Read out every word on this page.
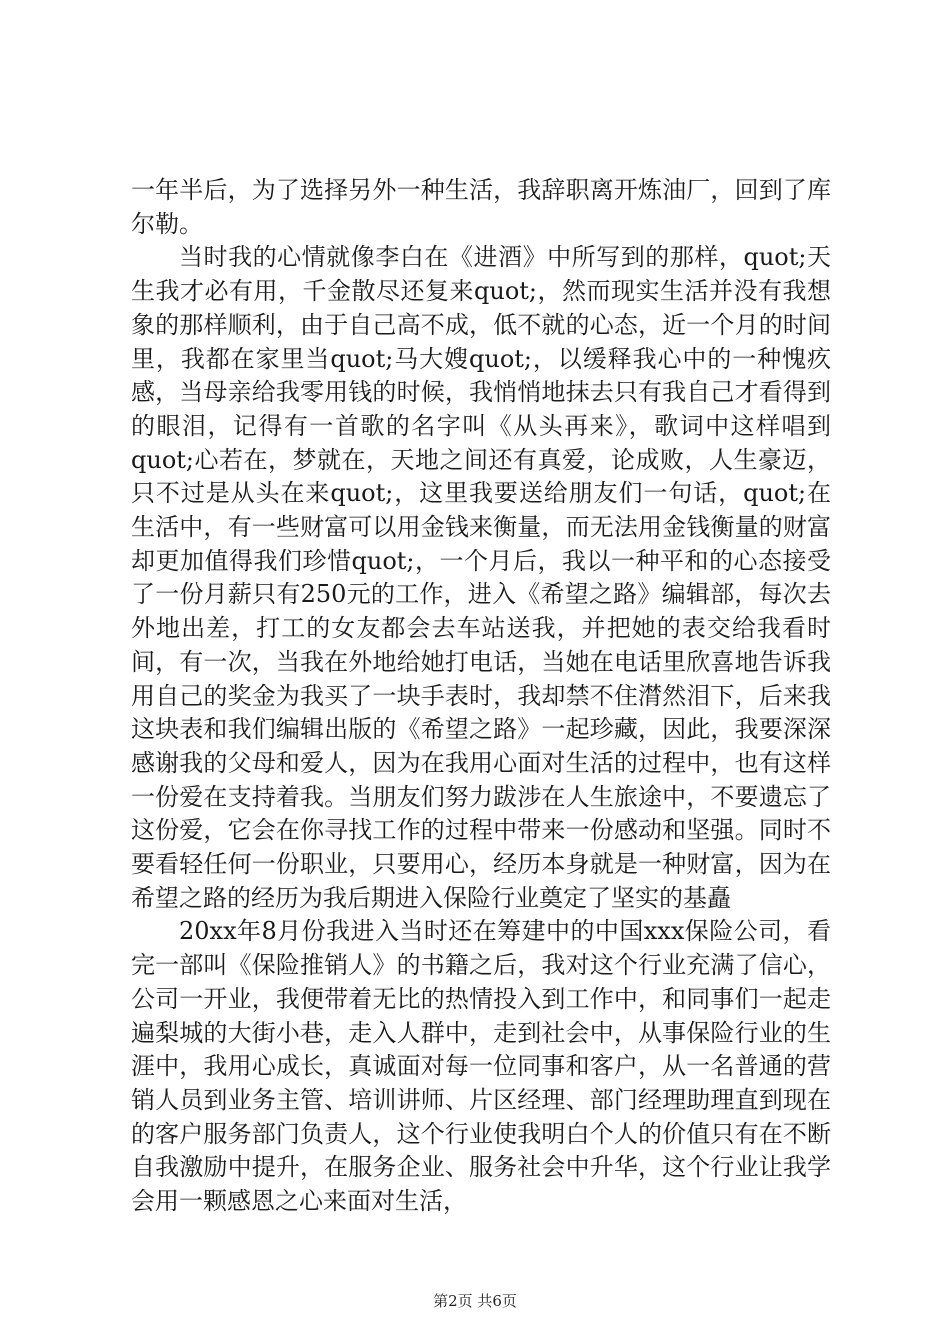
一年半后，为了选择另外一种生活，我辞职离开炼油厂，回到了库尔勒。

当时我的心情就像李白在《进酒》中所写到的那样，quot;天生我才必有用，千金散尽还复来quot;，然而现实生活并没有我想象的那样顺利，由于自己高不成，低不就的心态，近一个月的时间里，我都在家里当quot;马大嫂quot;，以缓释我心中的一种愧疚感，当母亲给我零用钱的时候，我悄悄地抹去只有我自己才看得到的眼泪，记得有一首歌的名字叫《从头再来》，歌词中这样唱到quot;心若在，梦就在，天地之间还有真爱，论成败，人生豪迈，只不过是从头在来quot;，这里我要送给朋友们一句话，quot;在生活中，有一些财富可以用金钱来衡量，而无法用金钱衡量的财富却更加值得我们珍惜quot;，一个月后，我以一种平和的心态接受了一份月薪只有250元的工作，进入《希望之路》编辑部，每次去外地出差，打工的女友都会去车站送我，并把她的表交给我看时间，有一次，当我在外地给她打电话，当她在电话里欣喜地告诉我用自己的奖金为我买了一块手表时，我却禁不住潸然泪下，后来我这块表和我们编辑出版的《希望之路》一起珍藏，因此，我要深深感谢我的父母和爱人，因为在我用心面对生活的过程中，也有这样一份爱在支持着我。当朋友们努力跋涉在人生旅途中，不要遗忘了这份爱，它会在你寻找工作的过程中带来一份感动和坚强。同时不要看轻任何一份职业，只要用心，经历本身就是一种财富，因为在希望之路的经历为我后期进入保险行业奠定了坚实的基矗

20xx年8月份我进入当时还在筹建中的中国xxx保险公司，看完一部叫《保险推销人》的书籍之后，我对这个行业充满了信心，公司一开业，我便带着无比的热情投入到工作中，和同事们一起走遍梨城的大街小巷，走入人群中，走到社会中，从事保险行业的生涯中，我用心成长，真诚面对每一位同事和客户，从一名普通的营销人员到业务主管、培训讲师、片区经理、部门经理助理直到现在的客户服务部门负责人，这个行业使我明白个人的价值只有在不断自我激励中提升，在服务企业、服务社会中升华，这个行业让我学会用一颗感恩之心来面对生活，

第2页 共6页
